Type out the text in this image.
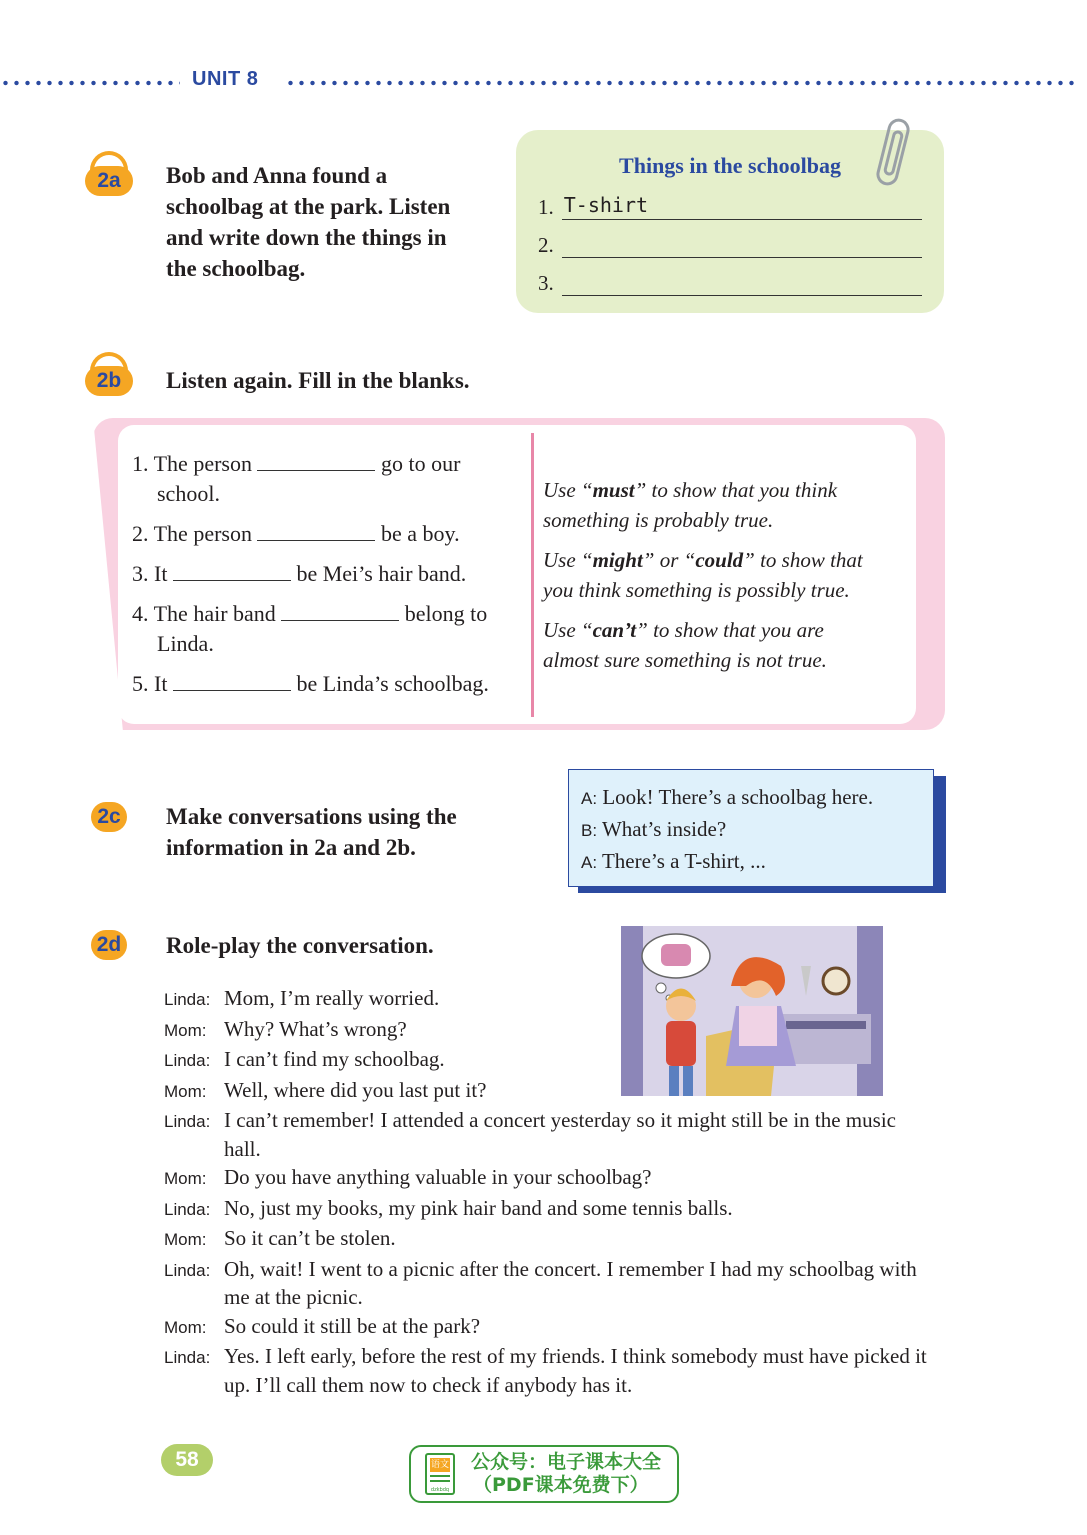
UNIT 8
2a	Bob and Anna found a
schoolbag at the park. Listen
and write down the things in
the schoolbag.
Things in the schoolbag
1. T-shirt
2.
3.
2b	Listen again. Fill in the blanks.
1. The person	go to our
school.
2. The person	be a boy.
3. It	be Mei’s hair band.
4. The hair band	belong to
Linda.
5. It	be Linda’s schoolbag.
Use “must” to show that you think
something is probably true.
Use “might” or “could” to show that
you think something is possibly true.
Use “can’t” to show that you are
almost sure something is not true.
2c Make conversations using the
information in 2a and 2b.
A: Look! There’s a schoolbag here.
B: What’s inside?
A: There’s a T-shirt, ...
2d Role-play the conversation.
Linda: Mom, I’m really worried.
Mom: Why? What’s wrong?
Linda: I can’t find my schoolbag.
Mom: Well, where did you last put it?
Linda: I can’t remember! I attended a concert yesterday so it might still be in the music hall.
Mom: Do you have anything valuable in your schoolbag?
Linda: No, just my books, my pink hair band and some tennis balls.
Mom: So it can’t be stolen.
Linda: Oh, wait! I went to a picnic after the concert. I remember I had my schoolbag with me at the picnic.
Mom: So could it still be at the park?
Linda: Yes. I left early, before the rest of my friends. I think somebody must have picked it up. I’ll call them now to check if anybody has it.
58	语文
dzkbdq
公众号：电子课本大全
（PDF课本免费下）
